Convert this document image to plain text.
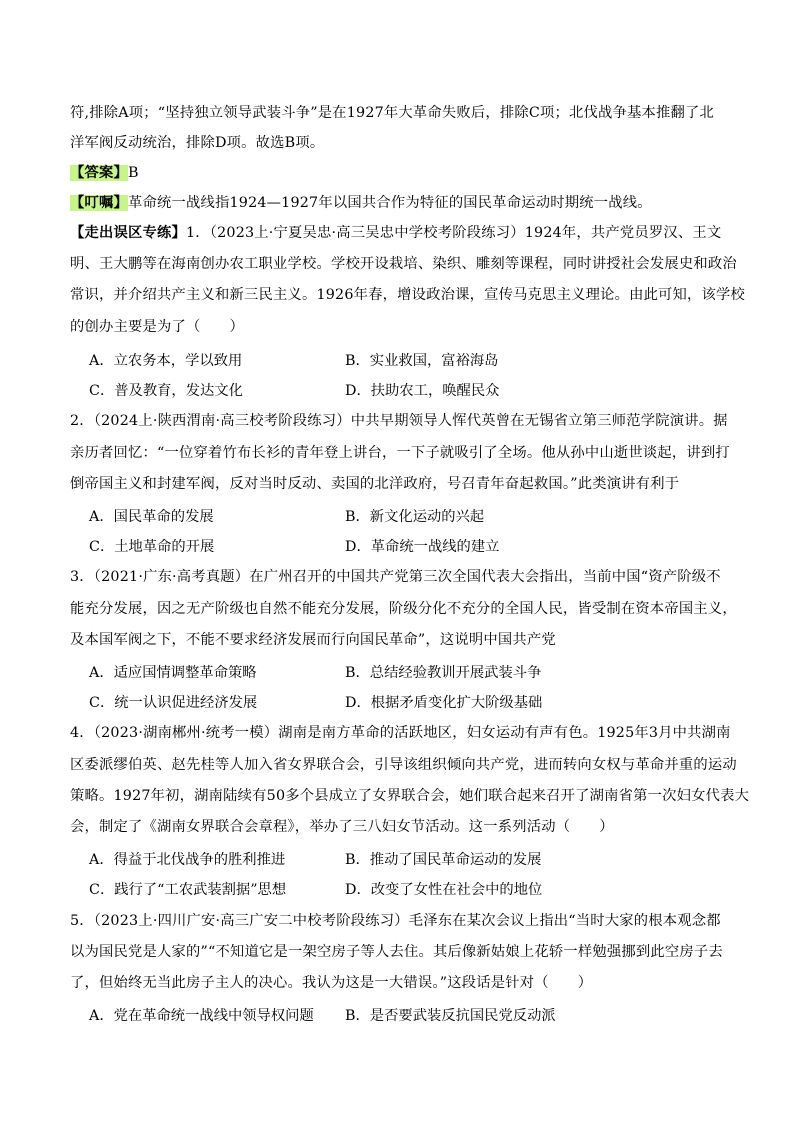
符,排除A项；“坚持独立领导武装斗争”是在1927年大革命失败后，排除C项；北伐战争基本推翻了北
洋军阀反动统治，排除D项。故选B项。
【答案】B
【叮嘱】革命统一战线指1924—1927年以国共合作为特征的国民革命运动时期统一战线。
【走出误区专练】1．（2023上·宁夏吴忠·高三吴忠中学校考阶段练习）1924年，共产党员罗汉、王文
明、王大鹏等在海南创办农工职业学校。学校开设栽培、染织、雕刻等课程，同时讲授社会发展史和政治
常识，并介绍共产主义和新三民主义。1926年春，增设政治课，宣传马克思主义理论。由此可知，该学校
的创办主要是为了（　　）
A．立农务本，学以致用	B．实业救国，富裕海岛
C．普及教育，发达文化	D．扶助农工，唤醒民众
2．（2024上·陕西渭南·高三校考阶段练习）中共早期领导人恽代英曾在无锡省立第三师范学院演讲。据
亲历者回忆：“一位穿着竹布长衫的青年登上讲台，一下子就吸引了全场。他从孙中山逝世谈起，讲到打
倒帝国主义和封建军阀，反对当时反动、卖国的北洋政府，号召青年奋起救国。”此类演讲有利于
A．国民革命的发展	B．新文化运动的兴起
C．土地革命的开展	D．革命统一战线的建立
3．（2021·广东·高考真题）在广州召开的中国共产党第三次全国代表大会指出，当前中国“资产阶级不
能充分发展，因之无产阶级也自然不能充分发展，阶级分化不充分的全国人民，皆受制在资本帝国主义，
及本国军阀之下，不能不要求经济发展而行向国民革命”，这说明中国共产党
A．适应国情调整革命策略	B．总结经验教训开展武装斗争
C．统一认识促进经济发展	D．根据矛盾变化扩大阶级基础
4．（2023·湖南郴州·统考一模）湖南是南方革命的活跃地区，妇女运动有声有色。1925年3月中共湖南
区委派缪伯英、赵先桂等人加入省女界联合会，引导该组织倾向共产党，进而转向女权与革命并重的运动
策略。1927年初，湖南陆续有50多个县成立了女界联合会，她们联合起来召开了湖南省第一次妇女代表大
会，制定了《湖南女界联合会章程》，举办了三八妇女节活动。这一系列活动（　　）
A．得益于北伐战争的胜利推进	B．推动了国民革命运动的发展
C．践行了“工农武装割据”思想	D．改变了女性在社会中的地位
5．（2023上·四川广安·高三广安二中校考阶段练习）毛泽东在某次会议上指出“当时大家的根本观念都
以为国民党是人家的”“不知道它是一架空房子等人去住。其后像新姑娘上花轿一样勉强挪到此空房子去
了，但始终无当此房子主人的决心。我认为这是一大错误。”这段话是针对（　　）
A．党在革命统一战线中领导权问题 B．是否要武装反抗国民党反动派
